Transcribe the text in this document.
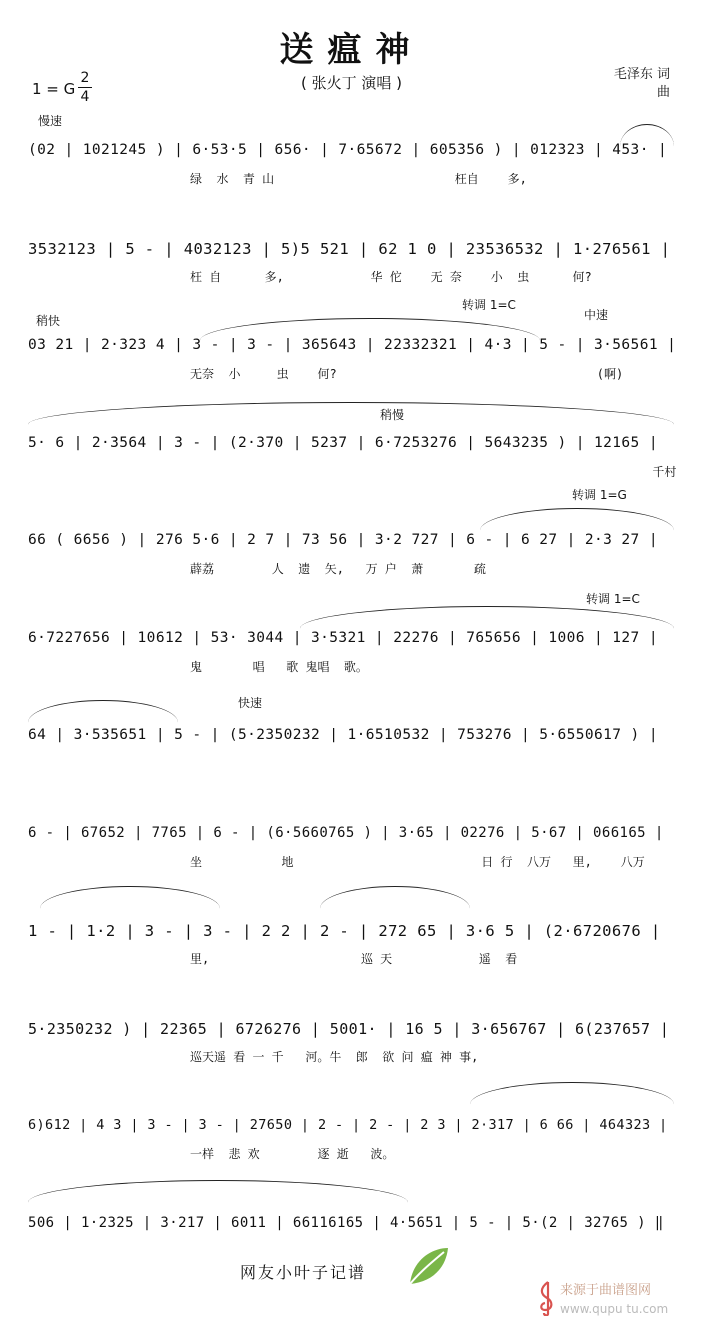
送瘟神
( 张火丁 演唱 )
1 = G
2
4
毛泽东 词
曲
慢速
稍快
转调 1=C
中速
稍慢
转调 1=G
转调 1=C
快速
(02 | 1021245 ) | 6·53·5 | 656· | 7·65672 | 605356 ) | 012323 | 453· |
绿  水  青 山                         枉自    多,
3532123 | 5 - | 4032123 | 5)5 521 | 62 1 0 | 23536532 | 1·276561 |
枉 自      多,            华 佗    无 奈    小  虫      何?
03 21 | 2·323 4 | 3 - | 3 - | 365643 | 22332321 | 4·3 | 5 - | 3·56561 |
无奈  小     虫    何?                                    (啊)
5· 6 | 2·3564 | 3 - | (2·370 | 5237 | 6·7253276 | 5643235 ) | 12165 |
千村
66 ( 6656 ) | 276 5·6 | 2 7 | 73 56 | 3·2 727 | 6 - | 6 27 | 2·3 27 |
薜荔        人  遗  矢,   万 户  萧       疏
6·7227656 | 10612 | 53· 3044 | 3·5321 | 22276 | 765656 | 1006 | 127 |
鬼       唱   歌 鬼唱  歌。
64 | 3·535651 | 5 - | (5·2350232 | 1·6510532 | 753276 | 5·6550617 ) |
6 - | 67652 | 7765 | 6 - | (6·5660765 ) | 3·65 | 02276 | 5·67 | 066165 |
坐           地                          日 行  八万   里,    八万
1 - | 1·2 | 3 - | 3 - | 2 2 | 2 - | 272 65 | 3·6 5 | (2·6720676 |
里,                     巡 天            遥  看
5·2350232 ) | 22365 | 6726276 | 5001· | 16 5 | 3·656767 | 6(237657 |
巡天遥 看 一 千   河。牛  郎  欲 问 瘟 神 事,
6)612 | 4 3 | 3 - | 3 - | 27650 | 2 - | 2 - | 2 3 | 2·317 | 6 66 | 464323 |
一样  悲 欢        逐 逝   波。
506 | 1·2325 | 3·217 | 6011 | 66116165 | 4·5651 | 5 - | 5·(2 | 32765 ) ‖
网友小叶子记谱
来源于曲谱图网
www.qupu tu.com
